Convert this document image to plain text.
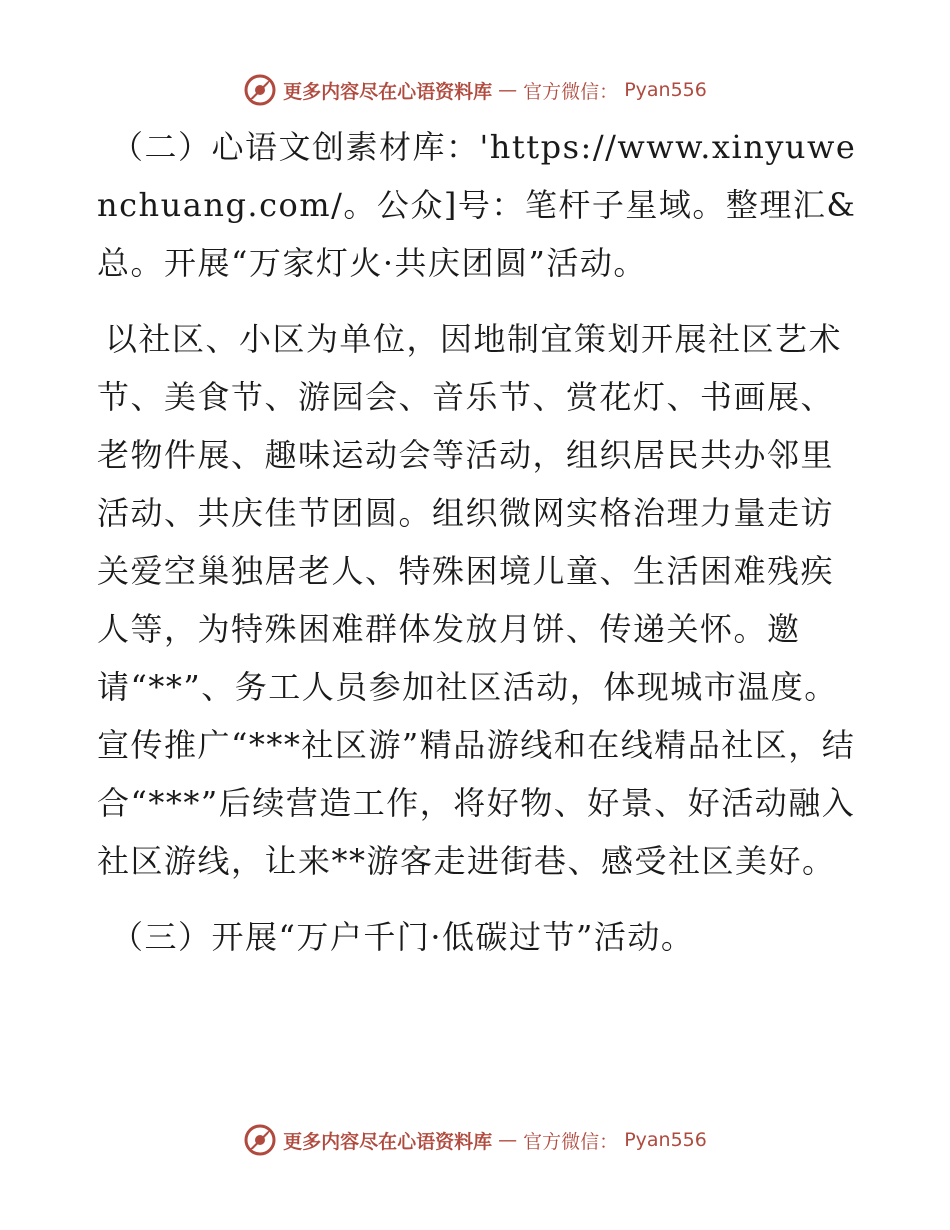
更多内容尽在心语资料库 — 官方微信： Pyan556

（二）心语文创素材库：'https://www.xinyuwenchuang.com/。公众]号：笔杆子星域。整理汇&总。开展“万家灯火·共庆团圆”活动。

以社区、小区为单位，因地制宜策划开展社区艺术节、美食节、游园会、音乐节、赏花灯、书画展、老物件展、趣味运动会等活动，组织居民共办邻里活动、共庆佳节团圆。组织微网实格治理力量走访关爱空巢独居老人、特殊困境儿童、生活困难残疾人等，为特殊困难群体发放月饼、传递关怀。邀请“**”、务工人员参加社区活动，体现城市温度。宣传推广“***社区游”精品游线和在线精品社区，结合“***”后续营造工作，将好物、好景、好活动融入社区游线，让来**游客走进街巷、感受社区美好。

（三）开展“万户千门·低碳过节”活动。

更多内容尽在心语资料库 — 官方微信： Pyan556
